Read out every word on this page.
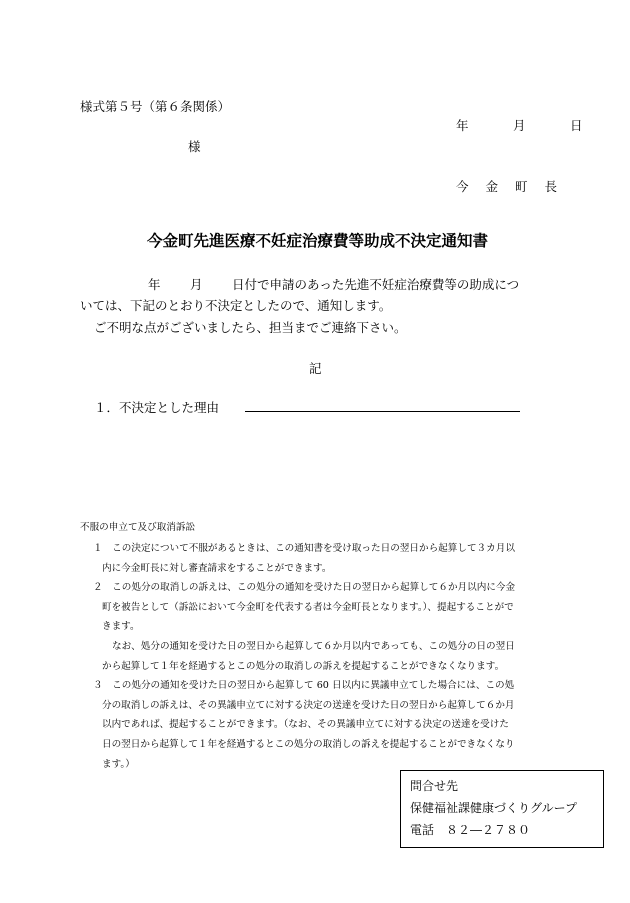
様式第５号（第６条関係）
年　月　日
様
今金町長
今金町先進医療不妊症治療費等助成不決定通知書
年 月 日付で申請のあった先進不妊症治療費等の助成につ
いては、下記のとおり不決定としたので、通知します。
ご不明な点がございましたら、担当までご連絡下さい。
記
１．不決定とした理由
不服の申立て及び取消訴訟
１　この決定について不服があるときは、この通知書を受け取った日の翌日から起算して３カ月以
内に今金町長に対し審査請求をすることができます。
２　この処分の取消しの訴えは、この処分の通知を受けた日の翌日から起算して６か月以内に今金
町を被告として（訴訟において今金町を代表する者は今金町長となります。）、提起することがで
きます。
なお、処分の通知を受けた日の翌日から起算して６か月以内であっても、この処分の日の翌日
から起算して１年を経過するとこの処分の取消しの訴えを提起することができなくなります。
３　この処分の通知を受けた日の翌日から起算して 60 日以内に異議申立てした場合には、この処
分の取消しの訴えは、その異議申立てに対する決定の送達を受けた日の翌日から起算して６か月
以内であれば、提起することができます。（なお、その異議申立てに対する決定の送達を受けた
日の翌日から起算して１年を経過するとこの処分の取消しの訴えを提起することができなくなり
ます。）
問合せ先
保健福祉課健康づくりグループ
電話　８２―２７８０
